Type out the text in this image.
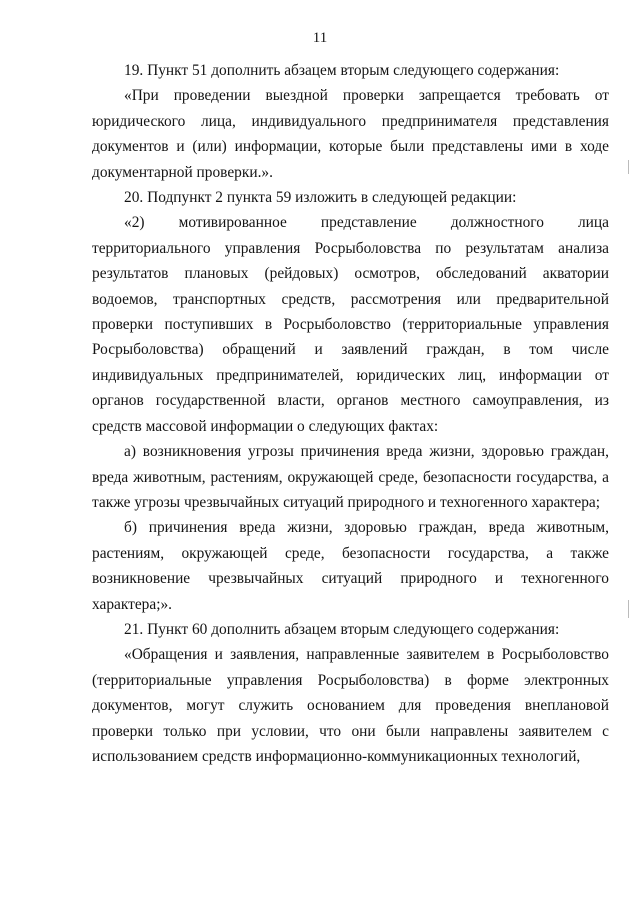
11

19. Пункт 51 дополнить абзацем вторым следующего содержания:

«При проведении выездной проверки запрещается требовать от юридического лица, индивидуального предпринимателя представления документов и (или) информации, которые были представлены ими в ходе документарной проверки.».

20. Подпункт 2 пункта 59 изложить в следующей редакции:

«2) мотивированное представление должностного лица территориального управления Росрыболовства по результатам анализа результатов плановых (рейдовых) осмотров, обследований акватории водоемов, транспортных средств, рассмотрения или предварительной проверки поступивших в Росрыболовство (территориальные управления Росрыболовства) обращений и заявлений граждан, в том числе индивидуальных предпринимателей, юридических лиц, информации от органов государственной власти, органов местного самоуправления, из средств массовой информации о следующих фактах:

а) возникновения угрозы причинения вреда жизни, здоровью граждан, вреда животным, растениям, окружающей среде, безопасности государства, а также угрозы чрезвычайных ситуаций природного и техногенного характера;

б) причинения вреда жизни, здоровью граждан, вреда животным, растениям, окружающей среде, безопасности государства, а также возникновение чрезвычайных ситуаций природного и техногенного характера;».

21. Пункт 60 дополнить абзацем вторым следующего содержания:

«Обращения и заявления, направленные заявителем в Росрыболовство (территориальные управления Росрыболовства) в форме электронных документов, могут служить основанием для проведения внеплановой проверки только при условии, что они были направлены заявителем с использованием средств информационно-коммуникационных технологий,
